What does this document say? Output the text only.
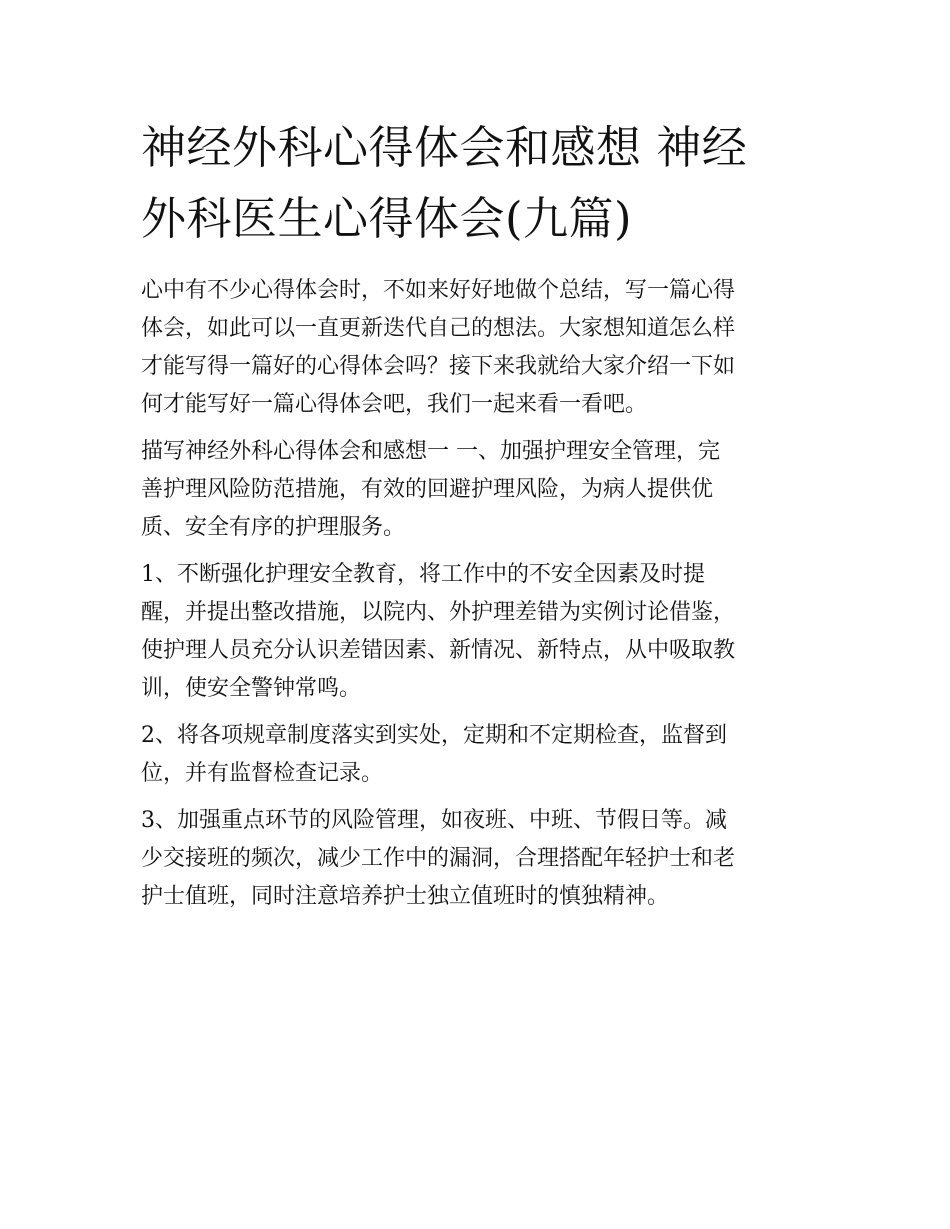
神经外科心得体会和感想 神经
外科医生心得体会(九篇)

心中有不少心得体会时，不如来好好地做个总结，写一篇心得
体会，如此可以一直更新迭代自己的想法。大家想知道怎么样
才能写得一篇好的心得体会吗？接下来我就给大家介绍一下如
何才能写好一篇心得体会吧，我们一起来看一看吧。

描写神经外科心得体会和感想一 一、加强护理安全管理，完
善护理风险防范措施，有效的回避护理风险，为病人提供优
质、安全有序的护理服务。

1、不断强化护理安全教育，将工作中的不安全因素及时提
醒，并提出整改措施，以院内、外护理差错为实例讨论借鉴，
使护理人员充分认识差错因素、新情况、新特点，从中吸取教
训，使安全警钟常鸣。

2、将各项规章制度落实到实处，定期和不定期检查，监督到
位，并有监督检查记录。

3、加强重点环节的风险管理，如夜班、中班、节假日等。减
少交接班的频次，减少工作中的漏洞，合理搭配年轻护士和老
护士值班，同时注意培养护士独立值班时的慎独精神。
